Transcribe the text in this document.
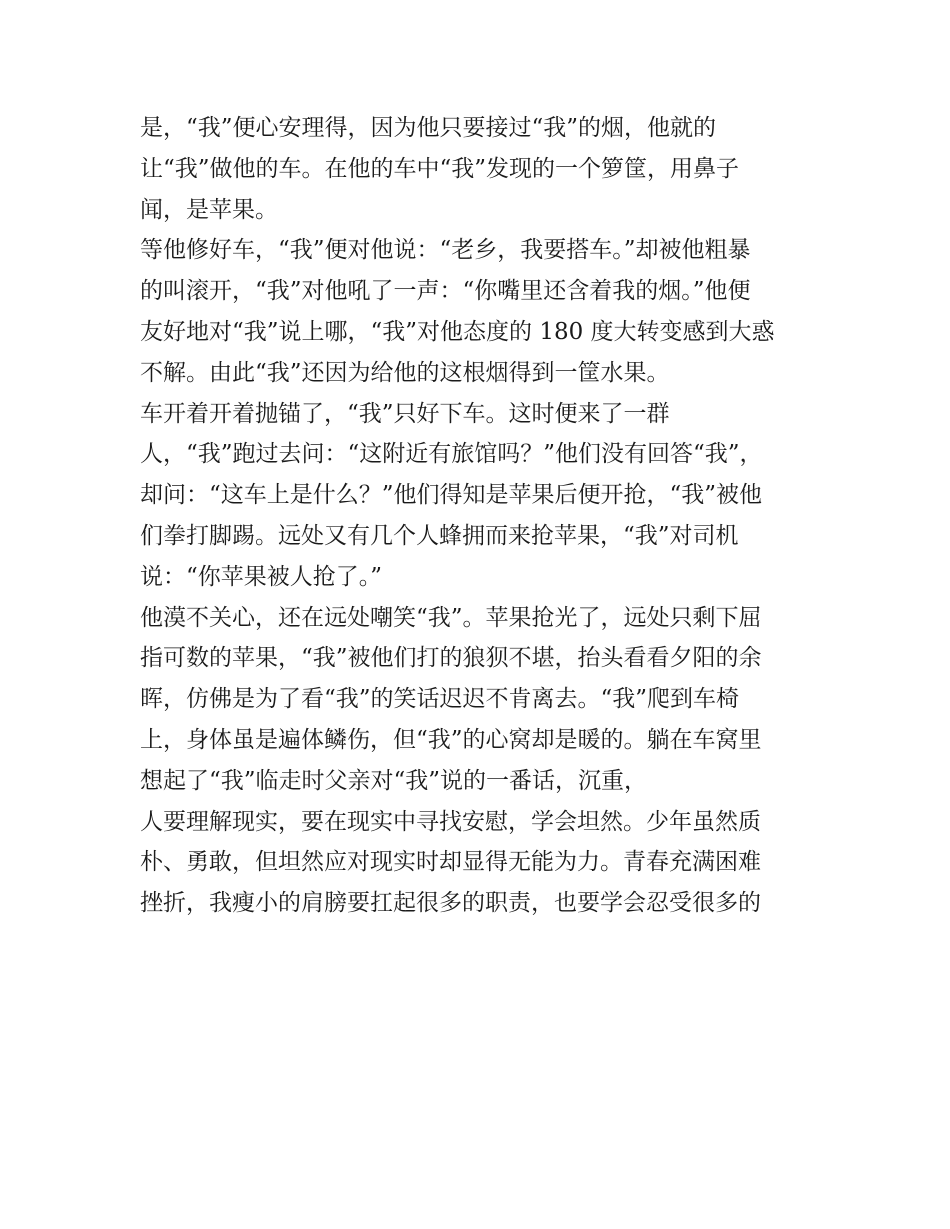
是，“我”便心安理得，因为他只要接过“我”的烟，他就的
让“我”做他的车。在他的车中“我”发现的一个箩筐，用鼻子
闻，是苹果。
等他修好车，“我”便对他说：“老乡，我要搭车。”却被他粗暴
的叫滚开，“我”对他吼了一声：“你嘴里还含着我的烟。”他便
友好地对“我”说上哪，“我”对他态度的 180 度大转变感到大惑
不解。由此“我”还因为给他的这根烟得到一筐水果。
车开着开着抛锚了，“我”只好下车。这时便来了一群
人，“我”跑过去问：“这附近有旅馆吗？”他们没有回答“我”，
却问：“这车上是什么？”他们得知是苹果后便开抢，“我”被他
们拳打脚踢。远处又有几个人蜂拥而来抢苹果，“我”对司机
说：“你苹果被人抢了。”
他漠不关心，还在远处嘲笑“我”。苹果抢光了，远处只剩下屈
指可数的苹果，“我”被他们打的狼狈不堪，抬头看看夕阳的余
晖，仿佛是为了看“我”的笑话迟迟不肯离去。“我”爬到车椅
上，身体虽是遍体鳞伤，但“我”的心窝却是暖的。躺在车窝里
想起了“我”临走时父亲对“我”说的一番话，沉重，
人要理解现实，要在现实中寻找安慰，学会坦然。少年虽然质
朴、勇敢，但坦然应对现实时却显得无能为力。青春充满困难
挫折，我瘦小的肩膀要扛起很多的职责，也要学会忍受很多的
